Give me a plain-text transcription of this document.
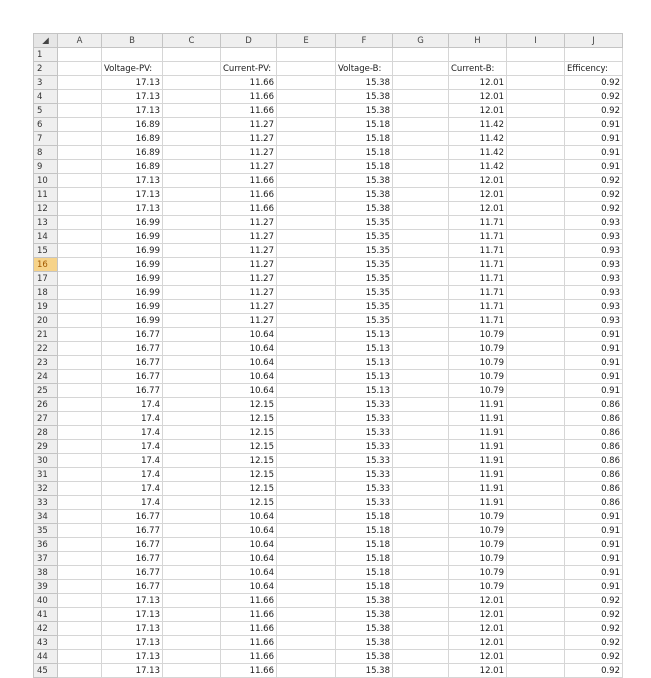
◢	A	B	C	D	E	F	G	H	I	J
1										
2		Voltage-PV:		Current-PV:		Voltage-B:		Current-B:		Efficency:
3		17.13		11.66		15.38		12.01		0.92
4		17.13		11.66		15.38		12.01		0.92
5		17.13		11.66		15.38		12.01		0.92
6		16.89		11.27		15.18		11.42		0.91
7		16.89		11.27		15.18		11.42		0.91
8		16.89		11.27		15.18		11.42		0.91
9		16.89		11.27		15.18		11.42		0.91
10		17.13		11.66		15.38		12.01		0.92
11		17.13		11.66		15.38		12.01		0.92
12		17.13		11.66		15.38		12.01		0.92
13		16.99		11.27		15.35		11.71		0.93
14		16.99		11.27		15.35		11.71		0.93
15		16.99		11.27		15.35		11.71		0.93
16		16.99		11.27		15.35		11.71		0.93
17		16.99		11.27		15.35		11.71		0.93
18		16.99		11.27		15.35		11.71		0.93
19		16.99		11.27		15.35		11.71		0.93
20		16.99		11.27		15.35		11.71		0.93
21		16.77		10.64		15.13		10.79		0.91
22		16.77		10.64		15.13		10.79		0.91
23		16.77		10.64		15.13		10.79		0.91
24		16.77		10.64		15.13		10.79		0.91
25		16.77		10.64		15.13		10.79		0.91
26		17.4		12.15		15.33		11.91		0.86
27		17.4		12.15		15.33		11.91		0.86
28		17.4		12.15		15.33		11.91		0.86
29		17.4		12.15		15.33		11.91		0.86
30		17.4		12.15		15.33		11.91		0.86
31		17.4		12.15		15.33		11.91		0.86
32		17.4		12.15		15.33		11.91		0.86
33		17.4		12.15		15.33		11.91		0.86
34		16.77		10.64		15.18		10.79		0.91
35		16.77		10.64		15.18		10.79		0.91
36		16.77		10.64		15.18		10.79		0.91
37		16.77		10.64		15.18		10.79		0.91
38		16.77		10.64		15.18		10.79		0.91
39		16.77		10.64		15.18		10.79		0.91
40		17.13		11.66		15.38		12.01		0.92
41		17.13		11.66		15.38		12.01		0.92
42		17.13		11.66		15.38		12.01		0.92
43		17.13		11.66		15.38		12.01		0.92
44		17.13		11.66		15.38		12.01		0.92
45		17.13		11.66		15.38		12.01		0.92
